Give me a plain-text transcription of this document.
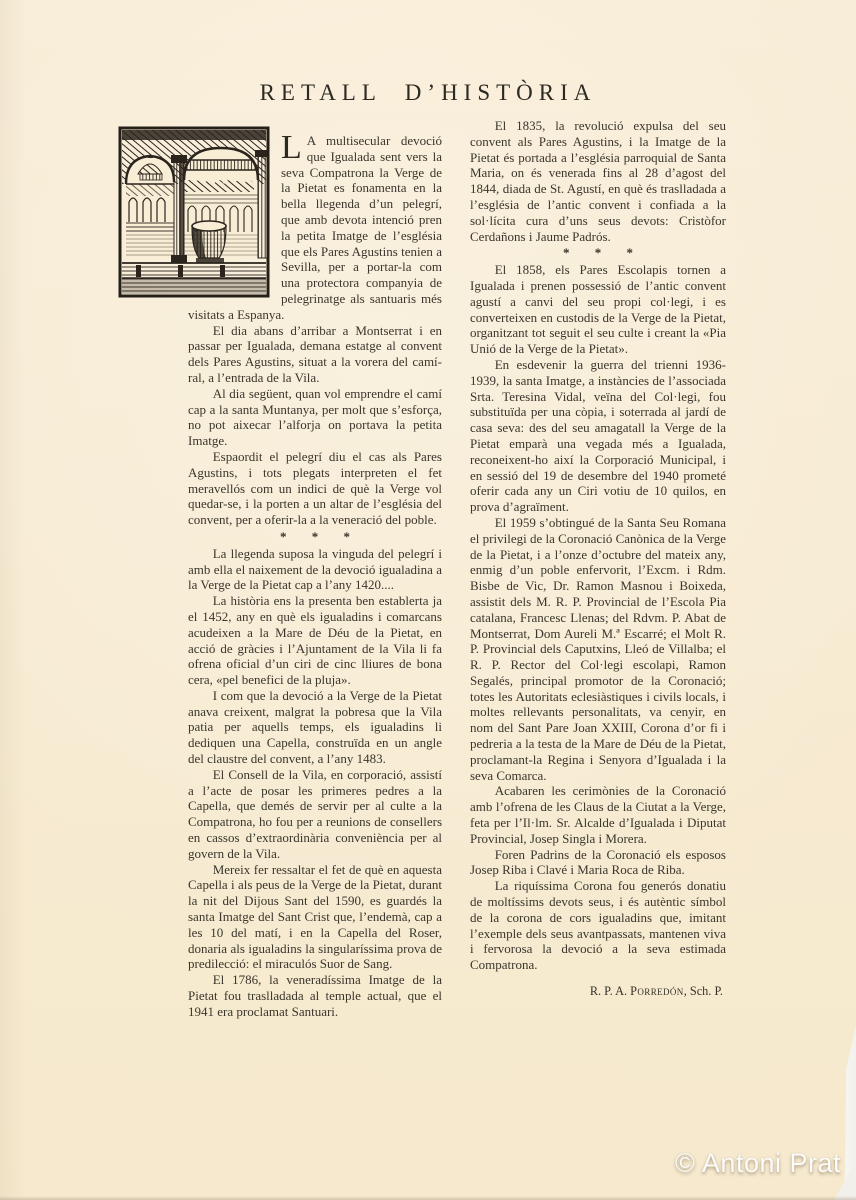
RETALL D’HISTÒRIA

L A multisecular devoció que Igualada sent vers la seva Compatrona la Verge de la Pietat es fonamenta en la bella llegenda d’un pelegrí, que amb devota intenció pren la petita Imatge de l’església que els Pares Agustins tenien a Sevilla, per a portar-la com una protectora companyia de pelegrinatge als santuaris més visitats a Espanya.

El dia abans d’arribar a Montserrat i en passar per Igualada, demana estatge al convent dels Pares Agustins, situat a la vorera del camí-ral, a l’entrada de la Vila.

Al dia següent, quan vol emprendre el camí cap a la santa Muntanya, per molt que s’esforça, no pot aixecar l’alforja on portava la petita Imatge.

Espaordit el pelegrí diu el cas als Pares Agustins, i tots plegats interpreten el fet meravellós com un indici de què la Verge vol quedar-se, i la porten a un altar de l’església del convent, per a oferir-la a la veneració del poble.

* * *

La llegenda suposa la vinguda del pelegrí i amb ella el naixement de la devoció igualadina a la Verge de la Pietat cap a l’any 1420....

La història ens la presenta ben establerta ja el 1452, any en què els igualadins i comarcans acudeixen a la Mare de Déu de la Pietat, en acció de gràcies i l’Ajuntament de la Vila li fa ofrena oficial d’un ciri de cinc lliures de bona cera, «pel benefici de la pluja».

I com que la devoció a la Verge de la Pietat anava creixent, malgrat la pobresa que la Vila patia per aquells temps, els igualadins li dediquen una Capella, construïda en un angle del claustre del convent, a l’any 1483.

El Consell de la Vila, en corporació, assistí a l’acte de posar les primeres pedres a la Capella, que demés de servir per al culte a la Compatrona, ho fou per a reunions de consellers en cassos d’extraordinària conveniència per al govern de la Vila.

Mereix fer ressaltar el fet de què en aquesta Capella i als peus de la Verge de la Pietat, durant la nit del Dijous Sant del 1590, es guardés la santa Imatge del Sant Crist que, l’endemà, cap a les 10 del matí, i en la Capella del Roser, donaria als igualadins la singularíssima prova de predilecció: el miraculós Suor de Sang.

El 1786, la veneradíssima Imatge de la Pietat fou traslladada al temple actual, que el 1941 era proclamat Santuari.

El 1835, la revolució expulsa del seu convent als Pares Agustins, i la Imatge de la Pietat és portada a l’església parroquial de Santa Maria, on és venerada fins al 28 d’agost del 1844, diada de St. Agustí, en què és traslladada a l’església de l’antic convent i confiada a la sol·lícita cura d’uns seus devots: Cristòfor Cerdañons i Jaume Padrós.

* * *

El 1858, els Pares Escolapis tornen a Igualada i prenen possessió de l’antic convent agustí a canvi del seu propi col·legi, i es converteixen en custodis de la Verge de la Pietat, organitzant tot seguit el seu culte i creant la «Pia Unió de la Verge de la Pietat».

En esdevenir la guerra del trienni 1936-1939, la santa Imatge, a instàncies de l’associada Srta. Teresina Vidal, veïna del Col·legi, fou substituïda per una còpia, i soterrada al jardí de casa seva: des del seu amagatall la Verge de la Pietat emparà una vegada més a Igualada, reconeixent-ho així la Corporació Municipal, i en sessió del 19 de desembre del 1940 prometé oferir cada any un Ciri votiu de 10 quilos, en prova d’agraïment.

El 1959 s’obtingué de la Santa Seu Romana el privilegi de la Coronació Canònica de la Verge de la Pietat, i a l’onze d’octubre del mateix any, enmig d’un poble enfervorit, l’Excm. i Rdm. Bisbe de Vic, Dr. Ramon Masnou i Boixeda, assistit dels M. R. P. Provincial de l’Escola Pia catalana, Francesc Llenas; del Rdvm. P. Abat de Montserrat, Dom Aureli M.ª Escarré; el Molt R. P. Provincial dels Caputxins, Lleó de Villalba; el R. P. Rector del Col·legi escolapi, Ramon Segalés, principal promotor de la Coronació; totes les Autoritats eclesiàstiques i civils locals, i moltes rellevants personalitats, va cenyir, en nom del Sant Pare Joan XXIII, Corona d’or fi i pedreria a la testa de la Mare de Déu de la Pietat, proclamant-la Regina i Senyora d’Igualada i la seva Comarca.

Acabaren les cerimònies de la Coronació amb l’ofrena de les Claus de la Ciutat a la Verge, feta per l’Il·lm. Sr. Alcalde d’Igualada i Diputat Provincial, Josep Singla i Morera.

Foren Padrins de la Coronació els esposos Josep Riba i Clavé i Maria Roca de Riba.

La riquíssima Corona fou generós donatiu de moltíssims devots seus, i és autèntic símbol de la corona de cors igualadins que, imitant l’exemple dels seus avantpassats, mantenen viva i fervorosa la devoció a la seva estimada Compatrona.

R. P. A. Porredón, Sch. P.
© Antoni Prat
